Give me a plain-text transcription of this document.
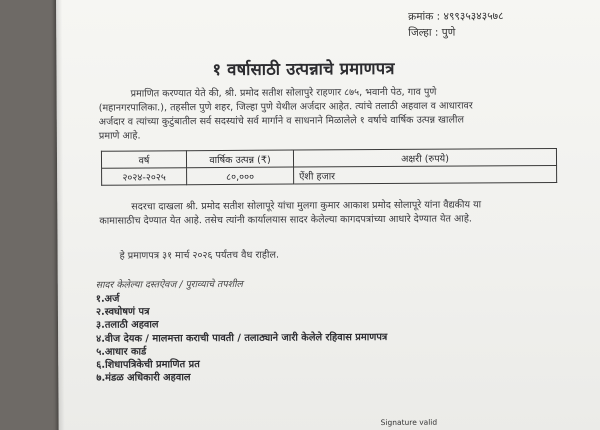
क्रमांक : ४९९३५३४३५७८
जिल्हा : पुणे
१ वर्षासाठी उत्पन्नाचे प्रमाणपत्र
प्रमाणित करण्यात येते की, श्री. प्रमोद सतीश सोलापुरे राहणार ८७५, भवानी पेठ, गाव पुणे
(महानगरपालिका.), तहसील पुणे शहर, जिल्हा पुणे येथील अर्जदार आहेत. त्यांचे तलाठी अहवाल व आधारावर
अर्जदार व त्यांच्या कुटुंबातील सर्व सदस्यांचे सर्व मार्गाने व साधनाने मिळालेले १ वर्षाचे वार्षिक उत्पन्न खालील
प्रमाणे आहे.
वर्ष	वार्षिक उत्पन्न (₹)	अक्षरी (रुपये)
२०२४-२०२५	८०,०००	ऐंशी हजार
सदरचा दाखला श्री. प्रमोद सतीश सोलापूरे यांचा मुलगा कुमार आकाश प्रमोद सोलापूरे यांना वैद्यकीय या
कामासाठीच देण्यात येत आहे. तसेच त्यांनी कार्यालयास सादर केलेल्या कागदपत्रांच्या आधारे देण्यात येत आहे.
हे प्रमाणपत्र ३१ मार्च २०२६ पर्यंतच वैध राहील.
सादर केलेल्या दस्तऐवज / पुराव्याचे तपशील
१.अर्ज
२.स्वघोषणं पत्र
३.तलाठी अहवाल
४.वीज देयक / मालमत्ता कराची पावती / तलाठ्याने जारी केलेले रहिवास प्रमाणपत्र
५.आधार कार्ड
६.शिधापत्रिकेची प्रमाणित प्रत
७.मंडळ अधिकारी अहवाल
Signature valid
